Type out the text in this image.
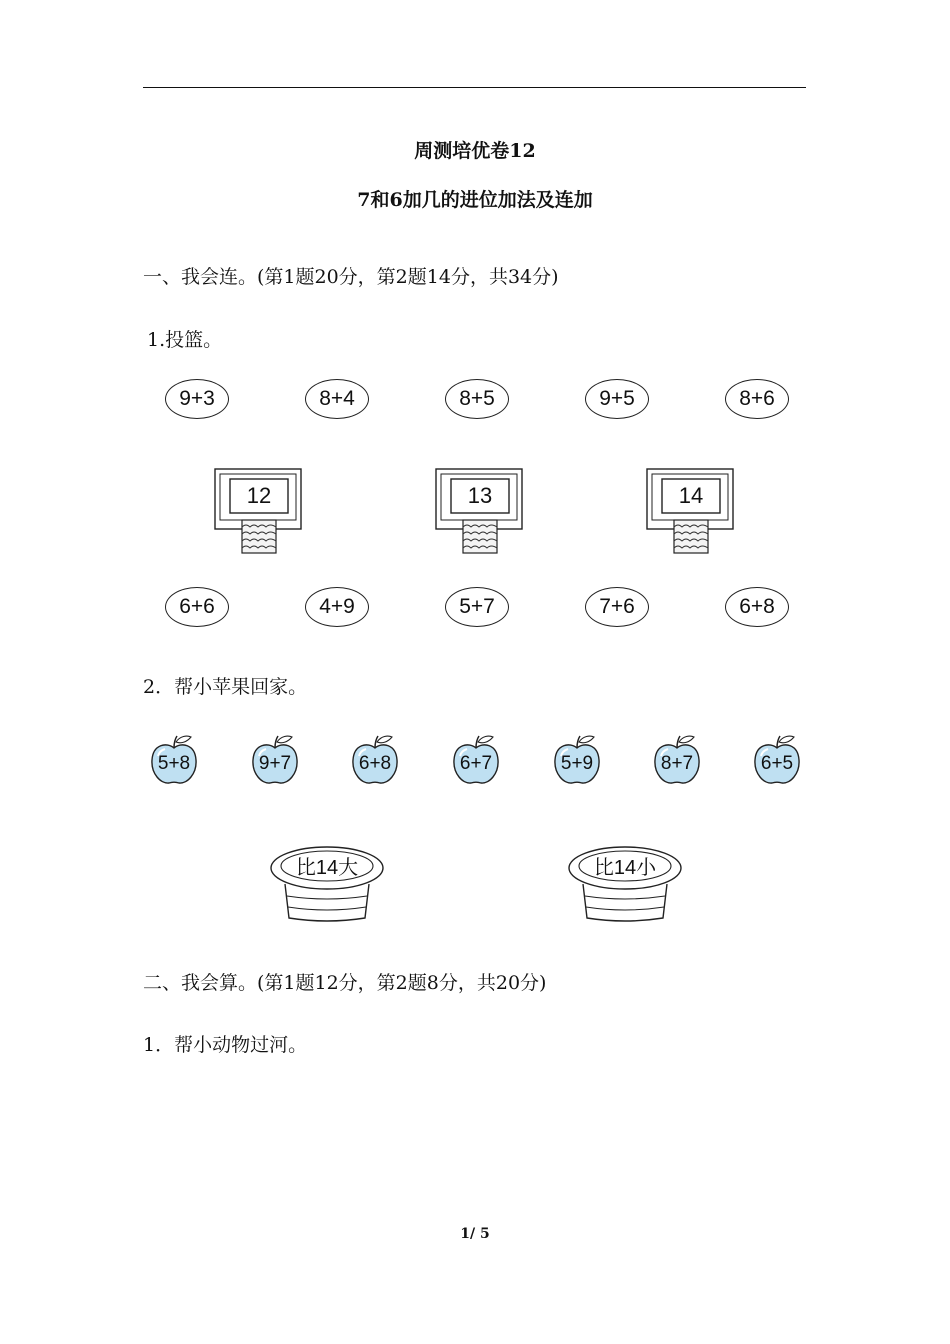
周测培优卷12
7和6加几的进位加法及连加
一、我会连。(第1题20分，第2题14分，共34分)
1.投篮。
9+3	8+4	8+5	9+5	8+6
12	13	14
6+6	4+9	5+7	7+6	6+8
2．帮小苹果回家。
5+8	9+7	6+8	6+7	5+9	8+7	6+5
比14大	比14小
二、我会算。(第1题12分，第2题8分，共20分)
1．帮小动物过河。
1/ 5
